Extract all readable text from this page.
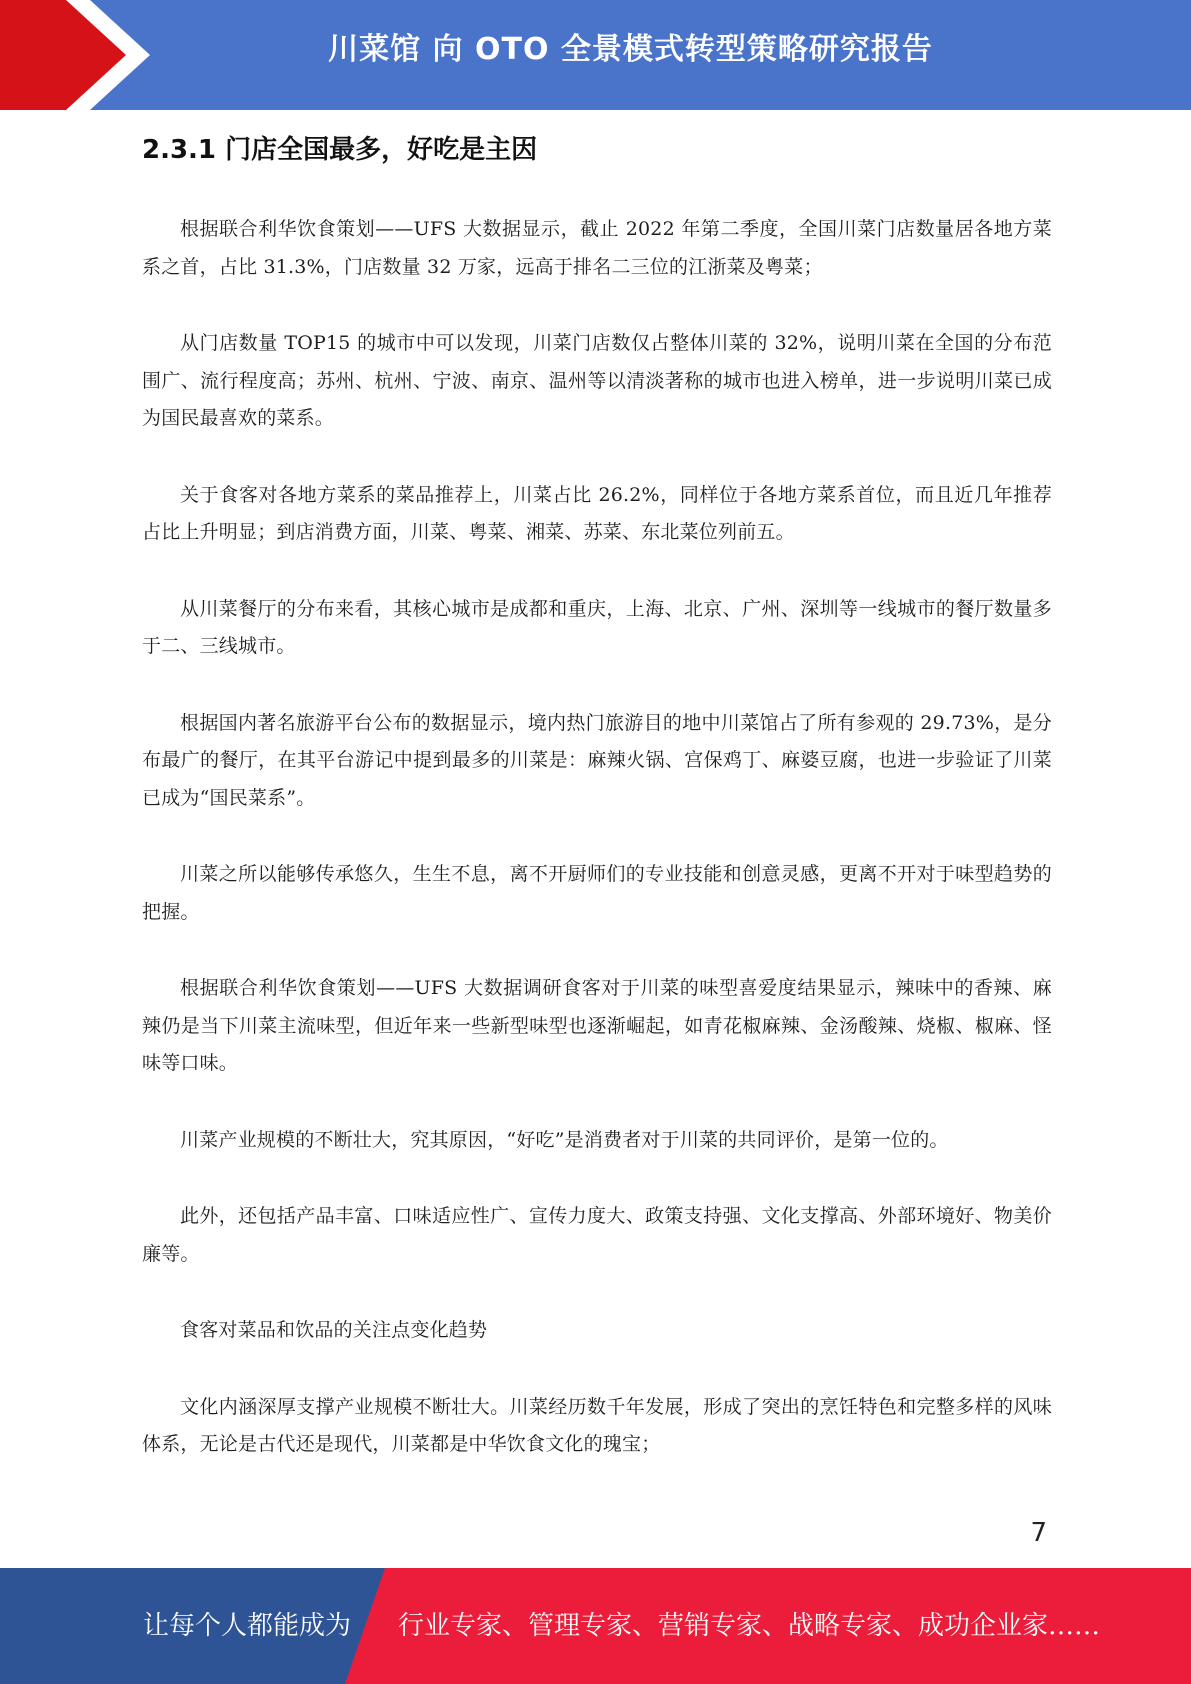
川菜馆 向 OTO 全景模式转型策略研究报告
2.3.1 门店全国最多，好吃是主因

根据联合利华饮食策划——UFS 大数据显示，截止 2022 年第二季度，全国川菜门店数量居各地方菜系之首，占比 31.3%，门店数量 32 万家，远高于排名二三位的江浙菜及粤菜；

从门店数量 TOP15 的城市中可以发现，川菜门店数仅占整体川菜的 32%，说明川菜在全国的分布范围广、流行程度高；苏州、杭州、宁波、南京、温州等以清淡著称的城市也进入榜单，进一步说明川菜已成为国民最喜欢的菜系。

关于食客对各地方菜系的菜品推荐上，川菜占比 26.2%，同样位于各地方菜系首位，而且近几年推荐占比上升明显；到店消费方面，川菜、粤菜、湘菜、苏菜、东北菜位列前五。

从川菜餐厅的分布来看，其核心城市是成都和重庆，上海、北京、广州、深圳等一线城市的餐厅数量多于二、三线城市。

根据国内著名旅游平台公布的数据显示，境内热门旅游目的地中川菜馆占了所有参观的 29.73%，是分布最广的餐厅，在其平台游记中提到最多的川菜是：麻辣火锅、宫保鸡丁、麻婆豆腐，也进一步验证了川菜已成为“国民菜系”。

川菜之所以能够传承悠久，生生不息，离不开厨师们的专业技能和创意灵感，更离不开对于味型趋势的把握。

根据联合利华饮食策划——UFS 大数据调研食客对于川菜的味型喜爱度结果显示，辣味中的香辣、麻辣仍是当下川菜主流味型，但近年来一些新型味型也逐渐崛起，如青花椒麻辣、金汤酸辣、烧椒、椒麻、怪味等口味。

川菜产业规模的不断壮大，究其原因，“好吃”是消费者对于川菜的共同评价，是第一位的。

此外，还包括产品丰富、口味适应性广、宣传力度大、政策支持强、文化支撑高、外部环境好、物美价廉等。

食客对菜品和饮品的关注点变化趋势

文化内涵深厚支撑产业规模不断壮大。川菜经历数千年发展，形成了突出的烹饪特色和完整多样的风味体系，无论是古代还是现代，川菜都是中华饮食文化的瑰宝；

7
让每个人都能成为 行业专家、管理专家、营销专家、战略专家、成功企业家……
